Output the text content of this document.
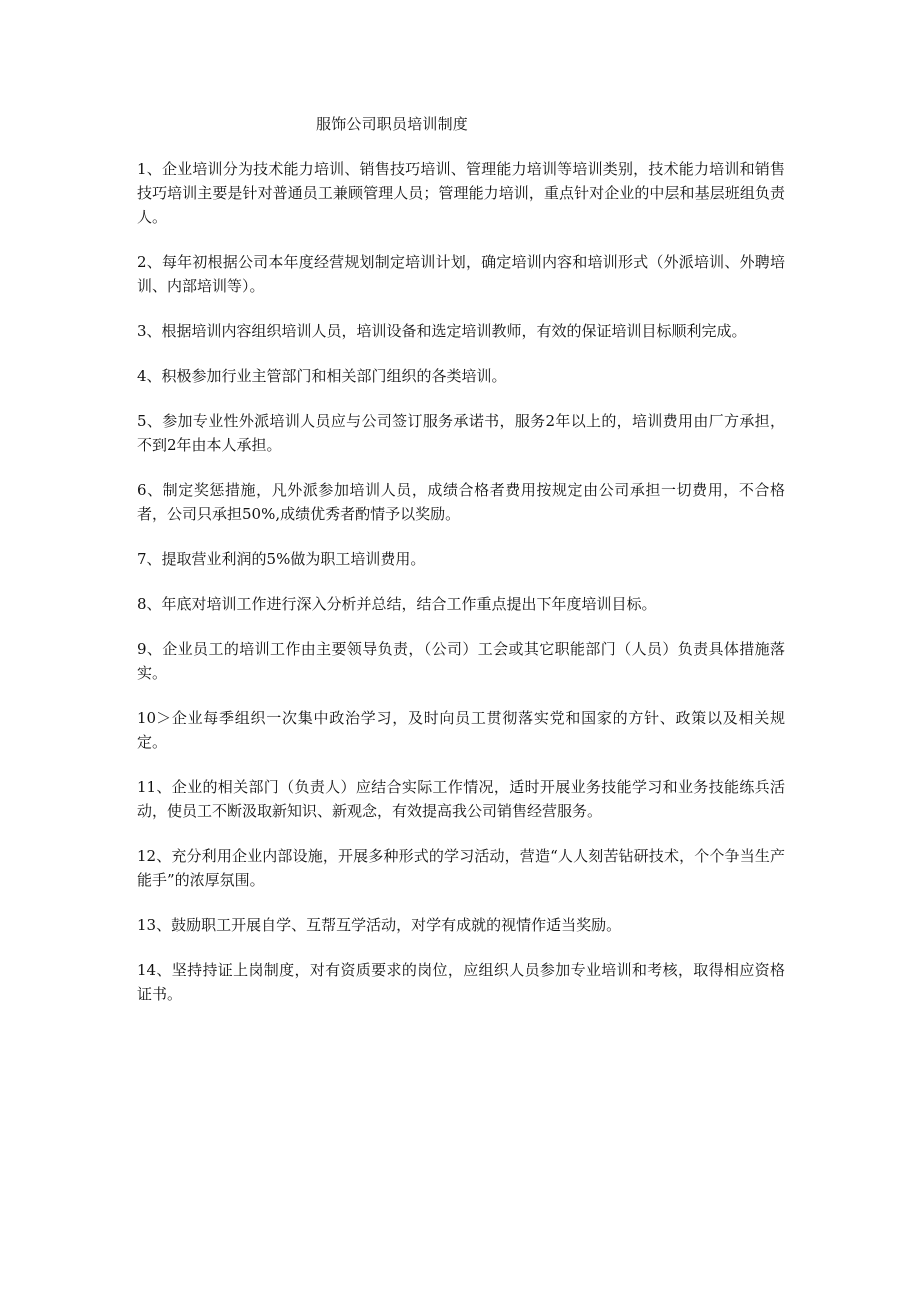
服饰公司职员培训制度

1、企业培训分为技术能力培训、销售技巧培训、管理能力培训等培训类别，技术能力培训和销售技巧培训主要是针对普通员工兼顾管理人员；管理能力培训，重点针对企业的中层和基层班组负责人。

2、每年初根据公司本年度经营规划制定培训计划，确定培训内容和培训形式（外派培训、外聘培训、内部培训等）。

3、根据培训内容组织培训人员，培训设备和选定培训教师，有效的保证培训目标顺利完成。

4、积极参加行业主管部门和相关部门组织的各类培训。

5、参加专业性外派培训人员应与公司签订服务承诺书，服务2年以上的，培训费用由厂方承担，不到2年由本人承担。

6、制定奖惩措施，凡外派参加培训人员，成绩合格者费用按规定由公司承担一切费用，不合格者，公司只承担50%,成绩优秀者酌情予以奖励。

7、提取营业利润的5%做为职工培训费用。

8、年底对培训工作进行深入分析并总结，结合工作重点提出下年度培训目标。

9、企业员工的培训工作由主要领导负责，（公司）工会或其它职能部门（人员）负责具体措施落实。

10＞企业每季组织一次集中政治学习，及时向员工贯彻落实党和国家的方针、政策以及相关规定。

11、企业的相关部门（负责人）应结合实际工作情况，适时开展业务技能学习和业务技能练兵活动，使员工不断汲取新知识、新观念，有效提高我公司销售经营服务。

12、充分利用企业内部设施，开展多种形式的学习活动，营造“人人刻苦钻研技术，个个争当生产能手”的浓厚氛围。

13、鼓励职工开展自学、互帮互学活动，对学有成就的视情作适当奖励。

14、坚持持证上岗制度，对有资质要求的岗位，应组织人员参加专业培训和考核，取得相应资格证书。
